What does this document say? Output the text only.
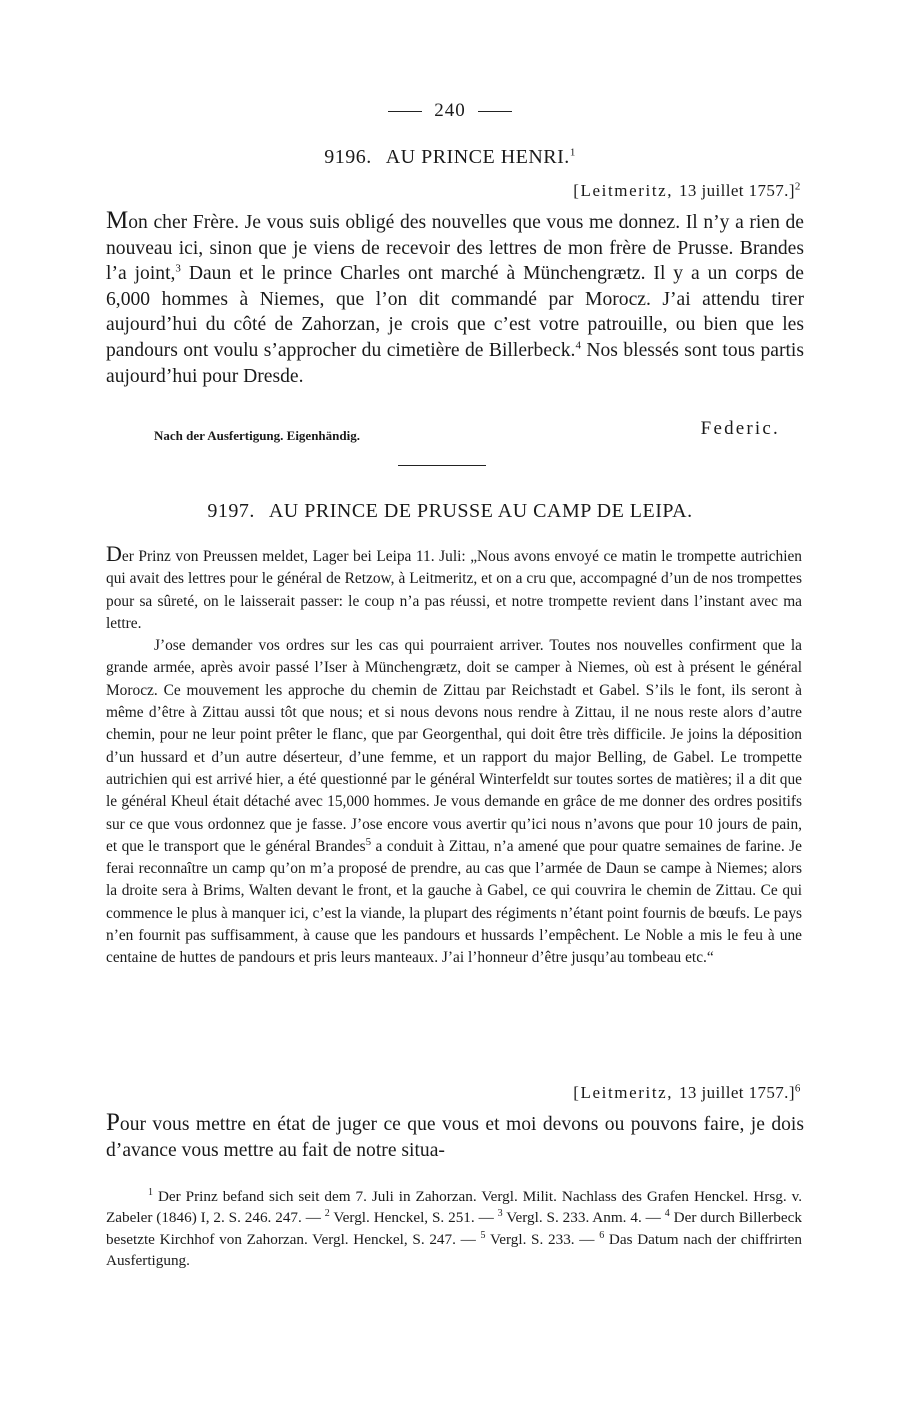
240
9196. AU PRINCE HENRI.$^1$
[Leitmeritz, 13 juillet 1757.]$^2$

Mon cher Frère. Je vous suis obligé des nouvelles que vous me donnez. Il n’y a rien de nouveau ici, sinon que je viens de recevoir des lettres de mon frère de Prusse. Brandes l’a joint,$^3$ Daun et le prince Charles ont marché à Münchengrætz. Il y a un corps de 6,000 hommes à Niemes, que l’on dit commandé par Morocz. J’ai attendu tirer aujourd’hui du côté de Zahorzan, je crois que c’est votre patrouille, ou bien que les pandours ont voulu s’approcher du cimetière de Billerbeck.$^4$ Nos blessés sont tous partis aujourd’hui pour Dresde.

Nach der Ausfertigung. Eigenhändig.	Federic.
9197. AU PRINCE DE PRUSSE AU CAMP DE LEIPA.

Der Prinz von Preussen meldet, Lager bei Leipa 11. Juli: „Nous avons envoyé ce matin le trompette autrichien qui avait des lettres pour le général de Retzow, à Leitmeritz, et on a cru que, accompagné d’un de nos trompettes pour sa sûreté, on le laisserait passer: le coup n’a pas réussi, et notre trompette revient dans l’instant avec ma lettre.

J’ose demander vos ordres sur les cas qui pourraient arriver. Toutes nos nouvelles confirment que la grande armée, après avoir passé l’Iser à Münchengrætz, doit se camper à Niemes, où est à présent le général Morocz. Ce mouvement les approche du chemin de Zittau par Reichstadt et Gabel. S’ils le font, ils seront à même d’être à Zittau aussi tôt que nous; et si nous devons nous rendre à Zittau, il ne nous reste alors d’autre chemin, pour ne leur point prêter le flanc, que par Georgenthal, qui doit être très difficile. Je joins la déposition d’un hussard et d’un autre déserteur, d’une femme, et un rapport du major Belling, de Gabel. Le trompette autrichien qui est arrivé hier, a été questionné par le général Winterfeldt sur toutes sortes de matières; il a dit que le général Kheul était détaché avec 15,000 hommes. Je vous demande en grâce de me donner des ordres positifs sur ce que vous ordonnez que je fasse. J’ose encore vous avertir qu’ici nous n’avons que pour 10 jours de pain, et que le transport que le général Brandes$^5$ a conduit à Zittau, n’a amené que pour quatre semaines de farine. Je ferai reconnaître un camp qu’on m’a proposé de prendre, au cas que l’armée de Daun se campe à Niemes; alors la droite sera à Brims, Walten devant le front, et la gauche à Gabel, ce qui couvrira le chemin de Zittau. Ce qui commence le plus à manquer ici, c’est la viande, la plupart des régiments n’étant point fournis de bœufs. Le pays n’en fournit pas suffisamment, à cause que les pandours et hussards l’empêchent. Le Noble a mis le feu à une centaine de huttes de pandours et pris leurs manteaux. J’ai l’honneur d’être jusqu’au tombeau etc.“

[Leitmeritz, 13 juillet 1757.]$^6$

Pour vous mettre en état de juger ce que vous et moi devons ou pouvons faire, je dois d’avance vous mettre au fait de notre situa-

$^1$ Der Prinz befand sich seit dem 7. Juli in Zahorzan. Vergl. Milit. Nachlass des Grafen Henckel. Hrsg. v. Zabeler (1846) I, 2. S. 246. 247. — $^2$ Vergl. Henckel, S. 251. — $^3$ Vergl. S. 233. Anm. 4. — $^4$ Der durch Billerbeck besetzte Kirchhof von Zahorzan. Vergl. Henckel, S. 247. — $^5$ Vergl. S. 233. — $^6$ Das Datum nach der chiffrirten Ausfertigung.
